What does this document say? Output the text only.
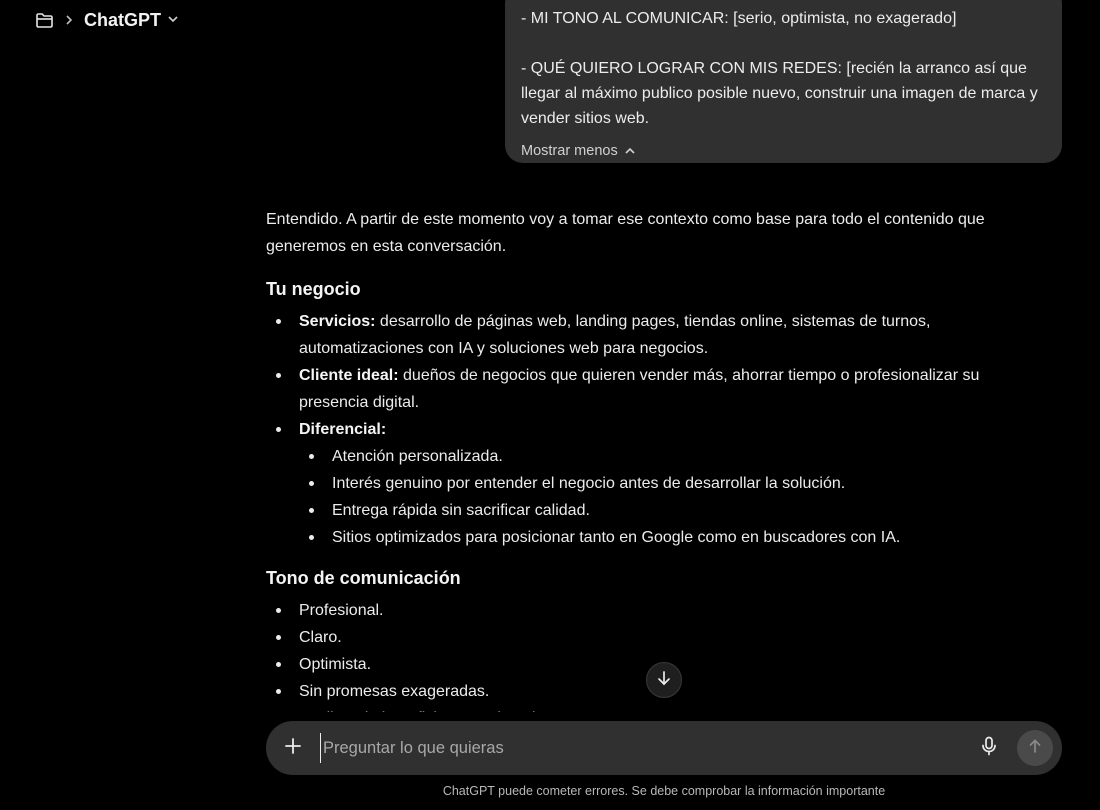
ChatGPT	- MI TONO AL COMUNICAR: [serio, optimista, no exagerado]

- QUÉ QUIERO LOGRAR CON MIS REDES: [recién la arranco así que llegar al máximo publico posible nuevo, construir una imagen de marca y vender sitios web.

Mostrar menos

Entendido. A partir de este momento voy a tomar ese contexto como base para todo el contenido que generemos en esta conversación.

Tu negocio
Servicios: desarrollo de páginas web, landing pages, tiendas online, sistemas de turnos, automatizaciones con IA y soluciones web para negocios.
Cliente ideal: dueños de negocios que quieren vender más, ahorrar tiempo o profesionalizar su presencia digital.
Diferencial:
Atención personalizada.
Interés genuino por entender el negocio antes de desarrollar la solución.
Entrega rápida sin sacrificar calidad.
Sitios optimizados para posicionar tanto en Google como en buscadores con IA.
Tono de comunicación
Profesional.
Claro.
Optimista.
Sin promesas exageradas.
Preguntar lo que quieras
ChatGPT puede cometer errores. Se debe comprobar la información importante
